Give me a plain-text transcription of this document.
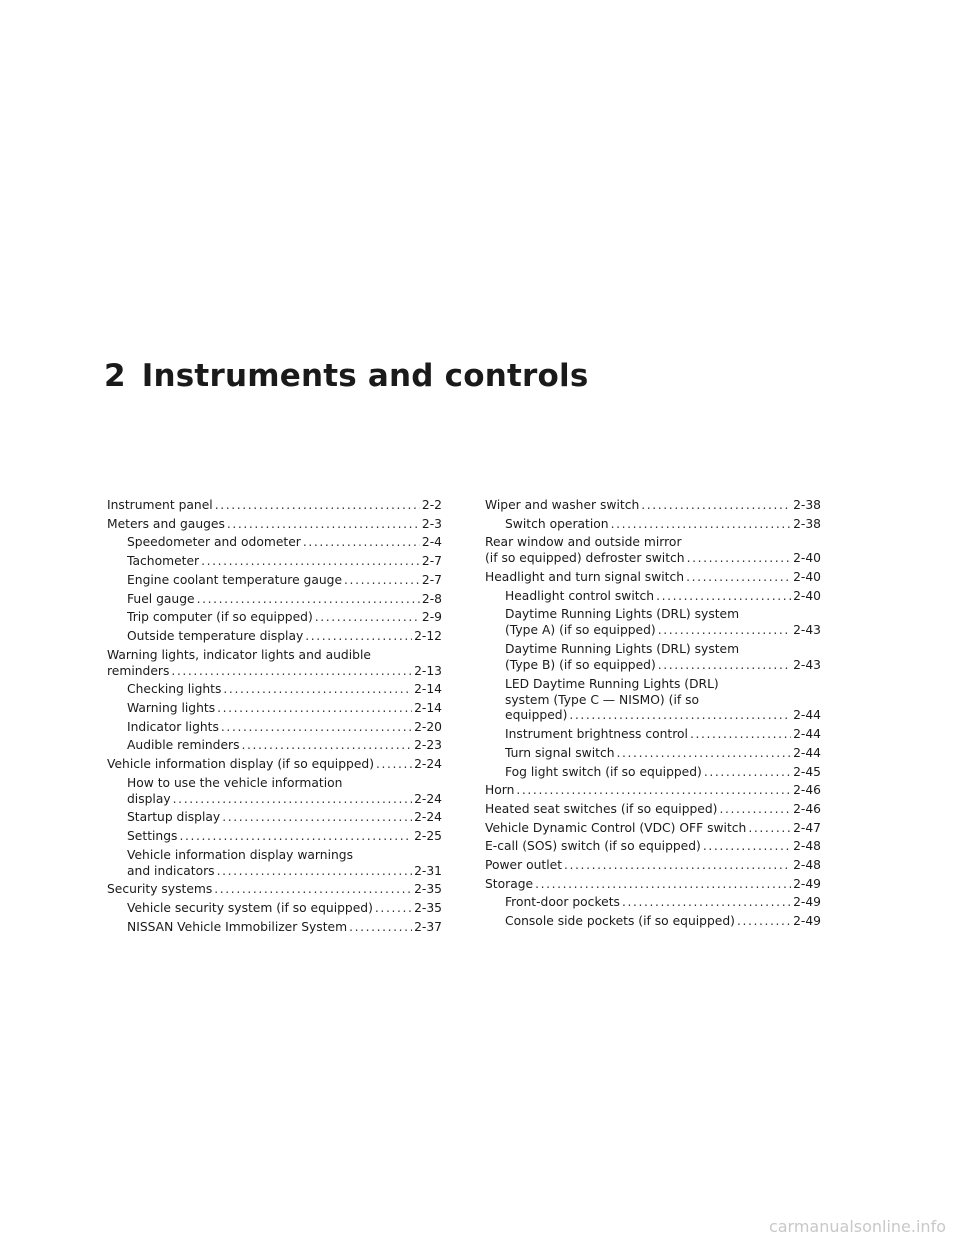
2 Instruments and controls
Instrument panel .....	2-2
Meters and gauges .....	2-3
Speedometer and odometer .....	2-4
Tachometer .....	2-7
Engine coolant temperature gauge .....	2-7
Fuel gauge .....	2-8
Trip computer (if so equipped) .....	2-9
Outside temperature display .....	2-12
Warning lights, indicator lights and audible
reminders .....	2-13
Checking lights .....	2-14
Warning lights .....	2-14
Indicator lights .....	2-20
Audible reminders .....	2-23
Vehicle information display (if so equipped) .....	2-24
How to use the vehicle information
display .....	2-24
Startup display .....	2-24
Settings .....	2-25
Vehicle information display warnings
and indicators .....	2-31
Security systems .....	2-35
Vehicle security system (if so equipped) .....	2-35
NISSAN Vehicle Immobilizer System .....	2-37
Wiper and washer switch .....	2-38
Switch operation .....	2-38
Rear window and outside mirror
(if so equipped) defroster switch .....	2-40
Headlight and turn signal switch .....	2-40
Headlight control switch .....	2-40
Daytime Running Lights (DRL) system
(Type A) (if so equipped) .....	2-43
Daytime Running Lights (DRL) system
(Type B) (if so equipped) .....	2-43
LED Daytime Running Lights (DRL)
system (Type C — NISMO) (if so
equipped) .....	2-44
Instrument brightness control .....	2-44
Turn signal switch .....	2-44
Fog light switch (if so equipped) .....	2-45
Horn .....	2-46
Heated seat switches (if so equipped) .....	2-46
Vehicle Dynamic Control (VDC) OFF switch .....	2-47
E-call (SOS) switch (if so equipped) .....	2-48
Power outlet .....	2-48
Storage .....	2-49
Front-door pockets .....	2-49
Console side pockets (if so equipped) .....	2-49
carmanualsonline.info
